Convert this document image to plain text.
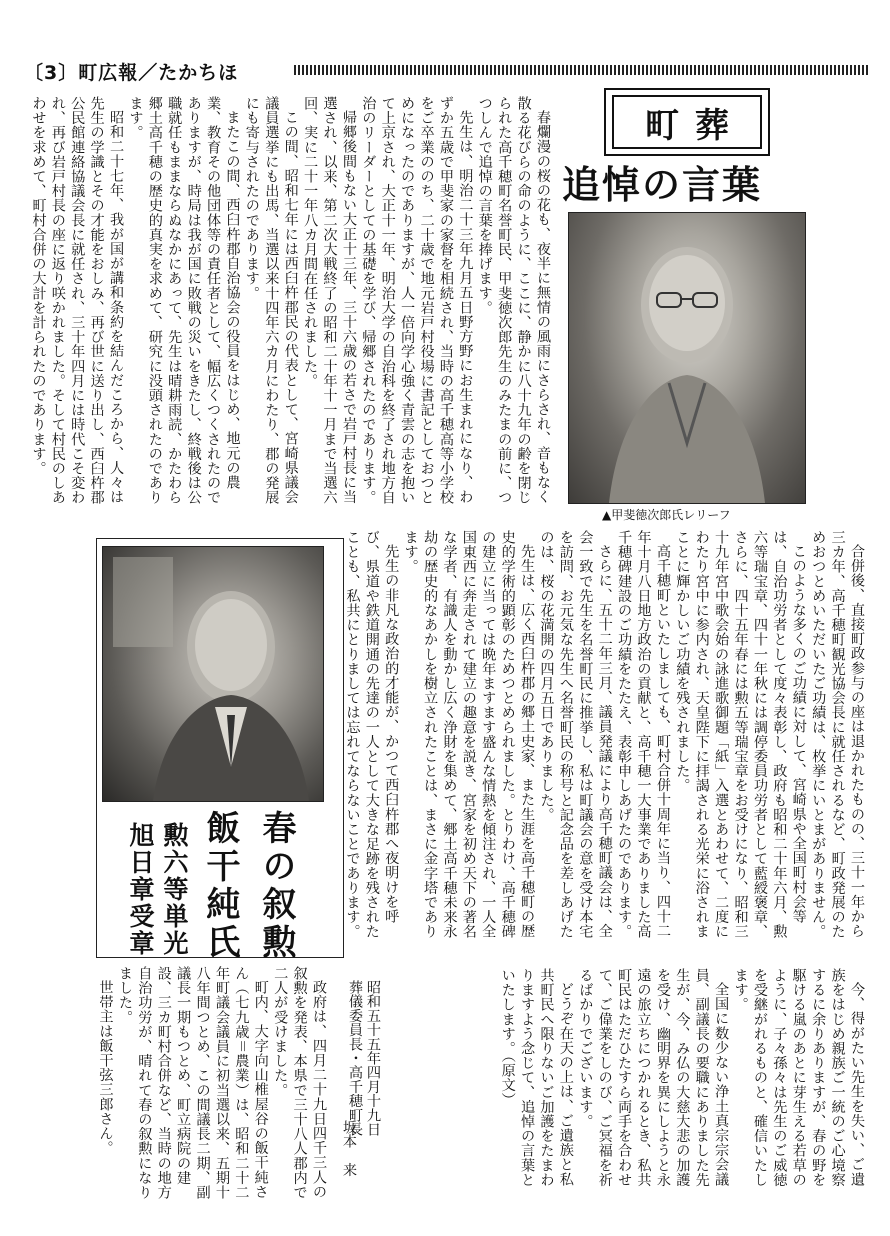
〔3〕町広報／たかちほ
町葬
追悼の言葉
▲甲斐徳次郎氏レリーフ

春爛漫の桜の花も、夜半に無情の風雨にさらされ、音もなく散る花びらの命のように、ここに、静かに八十九年の齢を閉じられた高千穂町名誉町民、甲斐徳次郎先生のみたまの前に、つつしんで追悼の言葉を捧げます。

先生は、明治二十三年九月五日野方野にお生まれになり、わずか五歳で甲斐家の家督を相続され、当時の高千穂高等小学校をご卒業ののち、二十歳で地元岩戸村役場に書記としておつとめになったのでありますが、人一倍向学心強く青雲の志を抱いて上京され、大正十一年、明治大学の自治科を終了され地方自治のリーダーとしての基礎を学び、帰郷されたのであります。

帰郷後間もない大正十三年、三十六歳の若さで岩戸村長に当選され、以来、第二次大戦終了の昭和二十年十一月まで当選六回、実に二十一年八カ月間在任されました。

この間、昭和七年には西臼杵郡民の代表として、宮崎県議会議員選挙にも出馬、当選以来十四年六カ月にわたり、郡の発展にも寄与されたのであります。

またこの間、西臼杵郡自治協会の役員をはじめ、地元の農業、教育その他団体等の責任者として、幅広くつくされたのでありますが、時局は我が国に敗戦の災いをきたし、終戦後は公職就任もままならぬなかにあって、先生は晴耕雨読、かたわら郷土高千穂の歴史的真実を求めて、研究に没頭されたのであります。

昭和二十七年、我が国が講和条約を結んだころから、人々は先生の学識とその才能をおしみ、再び世に送り出し、西臼杵郡公民館連絡協議会長に就任され、三十年四月には時代こそ変われ、再び岩戸村長の座に返り咲かれました。そして村民のしあわせを求めて、町村合併の大計を計られたのであります。

合併後、直接町政参与の座は退かれたものの、三十一年から三カ年、高千穂町観光協会長に就任されるなど、町政発展のためおつとめいただいたご功績は、枚挙にいとまがありません。

このような多くのご功績に対して、宮崎県や全国町村会等は、自治功労者として度々表彰し、政府も昭和二十年六月、勲六等瑞宝章、四十一年秋には調停委員功労者として藍綬褒章、さらに、四十五年春には勲五等瑞宝章をお受けになり、昭和三十九年宮中歌会始の詠進歌御題「紙」入選とあわせて、二度にわたり宮中に参内され、天皇陛下に拝謁される光栄に浴されまことに輝かしいご功績を残されました。

高千穂町といたしましても、町村合併十周年に当り、四十二年十月八日地方政治の貢献と、高千穂一大事業でありました高千穂碑建設のご功績をたたえ、表彰申しあげたのであります。

さらに、五十二年三月、議員発議により高千穂町議会は、全会一致で先生を名誉町民に推挙し、私は町議会の意を受け本宅を訪問、お元気な先生へ名誉町民の称号と記念品を差しあげたのは、桜の花満開の四月五日でありました。

先生は、広く西臼杵郡の郷土史家、また生涯を高千穂町の歴史的学術的顕彰のためつとめられました。とりわけ、高千穂碑の建立に当っては晩年ますます盛んな情熱を傾注され、一人全国東西に奔走されて建立の趣意を説き、宮家を初め天下の著名な学者、有識人を動かし広く浄財を集めて、郷土高千穂未来永劫の歴史的なあかしを樹立されたことは、まさに金字塔であります。

先生の非凡な政治的才能が、かつて西臼杵郡へ夜明けを呼び、県道や鉄道開通の先達の一人として大きな足跡を残されたことも、私共にとりましては忘れてならないことであります。

今、得がたい先生を失い、ご遺族をはじめ親族ご一統のご心境察するに余りありますが、春の野を駆ける嵐のあとに芽生える若草のように、子々孫々は先生のご威徳を受継がれるものと、確信いたします。

全国に数少ない浄土真宗宗会議員、副議長の要職にありました先生が、今、み仏の大慈大悲の加護を受け、幽明界を異にしようと永遠の旅立ちにつかれるとき、私共町民はただひたすら両手を合わせて、ご偉業をしのび、ご冥福を祈るばかりでございます。

どうぞ在天の上は、ご遺族と私共町民へ限りないご加護をたまわりますよう念じて、追悼の言葉といたします。（原文）

昭和五十五年四月十九日
葬儀委員長・高千穂町長
坂本　来
春の叙勲
飯干純氏
勲六等単光
旭日章受章

政府は、四月二十九日四千三人の叙勲を発表、本県で三十八人郡内で二人が受けました。

町内、大字向山椎屋谷の飯干純さん（七九歳＝農業）は、昭和二十二年町議会議員に初当選以来、五期十八年間つとめ、この間議長二期、副議長一期もつとめ、町立病院の建設、三カ町村合併など、当時の地方自治功労が、晴れて春の叙勲になりました。

世帯主は飯干弦三郎さん。
